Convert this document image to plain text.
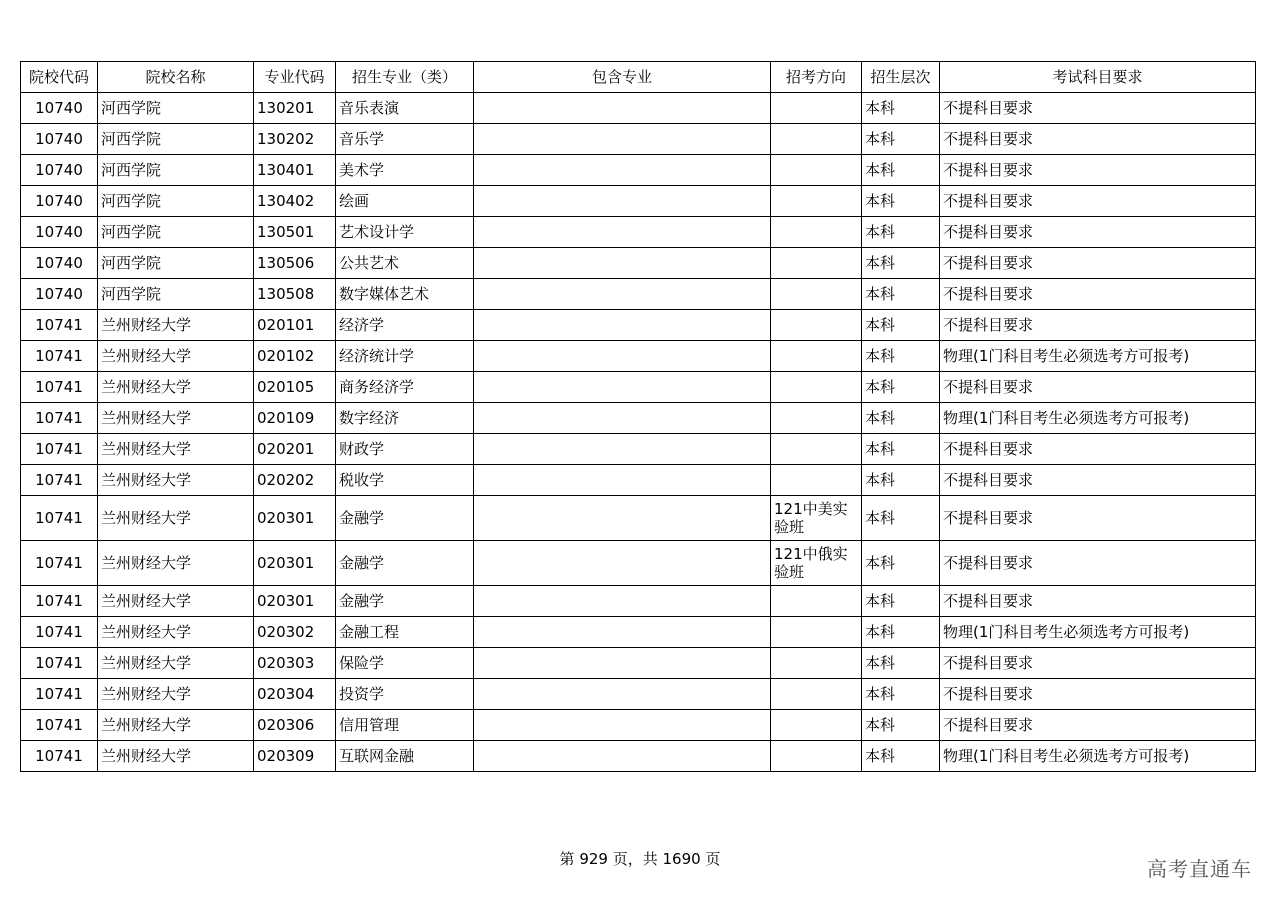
院校代码	院校名称	专业代码	招生专业（类）	包含专业	招考方向	招生层次	考试科目要求
10740	河西学院	130201	音乐表演			本科	不提科目要求
10740	河西学院	130202	音乐学			本科	不提科目要求
10740	河西学院	130401	美术学			本科	不提科目要求
10740	河西学院	130402	绘画			本科	不提科目要求
10740	河西学院	130501	艺术设计学			本科	不提科目要求
10740	河西学院	130506	公共艺术			本科	不提科目要求
10740	河西学院	130508	数字媒体艺术			本科	不提科目要求
10741	兰州财经大学	020101	经济学			本科	不提科目要求
10741	兰州财经大学	020102	经济统计学			本科	物理(1门科目考生必须选考方可报考)
10741	兰州财经大学	020105	商务经济学			本科	不提科目要求
10741	兰州财经大学	020109	数字经济			本科	物理(1门科目考生必须选考方可报考)
10741	兰州财经大学	020201	财政学			本科	不提科目要求
10741	兰州财经大学	020202	税收学			本科	不提科目要求
10741	兰州财经大学	020301	金融学		121中美实验班	本科	不提科目要求
10741	兰州财经大学	020301	金融学		121中俄实验班	本科	不提科目要求
10741	兰州财经大学	020301	金融学			本科	不提科目要求
10741	兰州财经大学	020302	金融工程			本科	物理(1门科目考生必须选考方可报考)
10741	兰州财经大学	020303	保险学			本科	不提科目要求
10741	兰州财经大学	020304	投资学			本科	不提科目要求
10741	兰州财经大学	020306	信用管理			本科	不提科目要求
10741	兰州财经大学	020309	互联网金融			本科	物理(1门科目考生必须选考方可报考)
第 929 页，共 1690 页	高考直通车
